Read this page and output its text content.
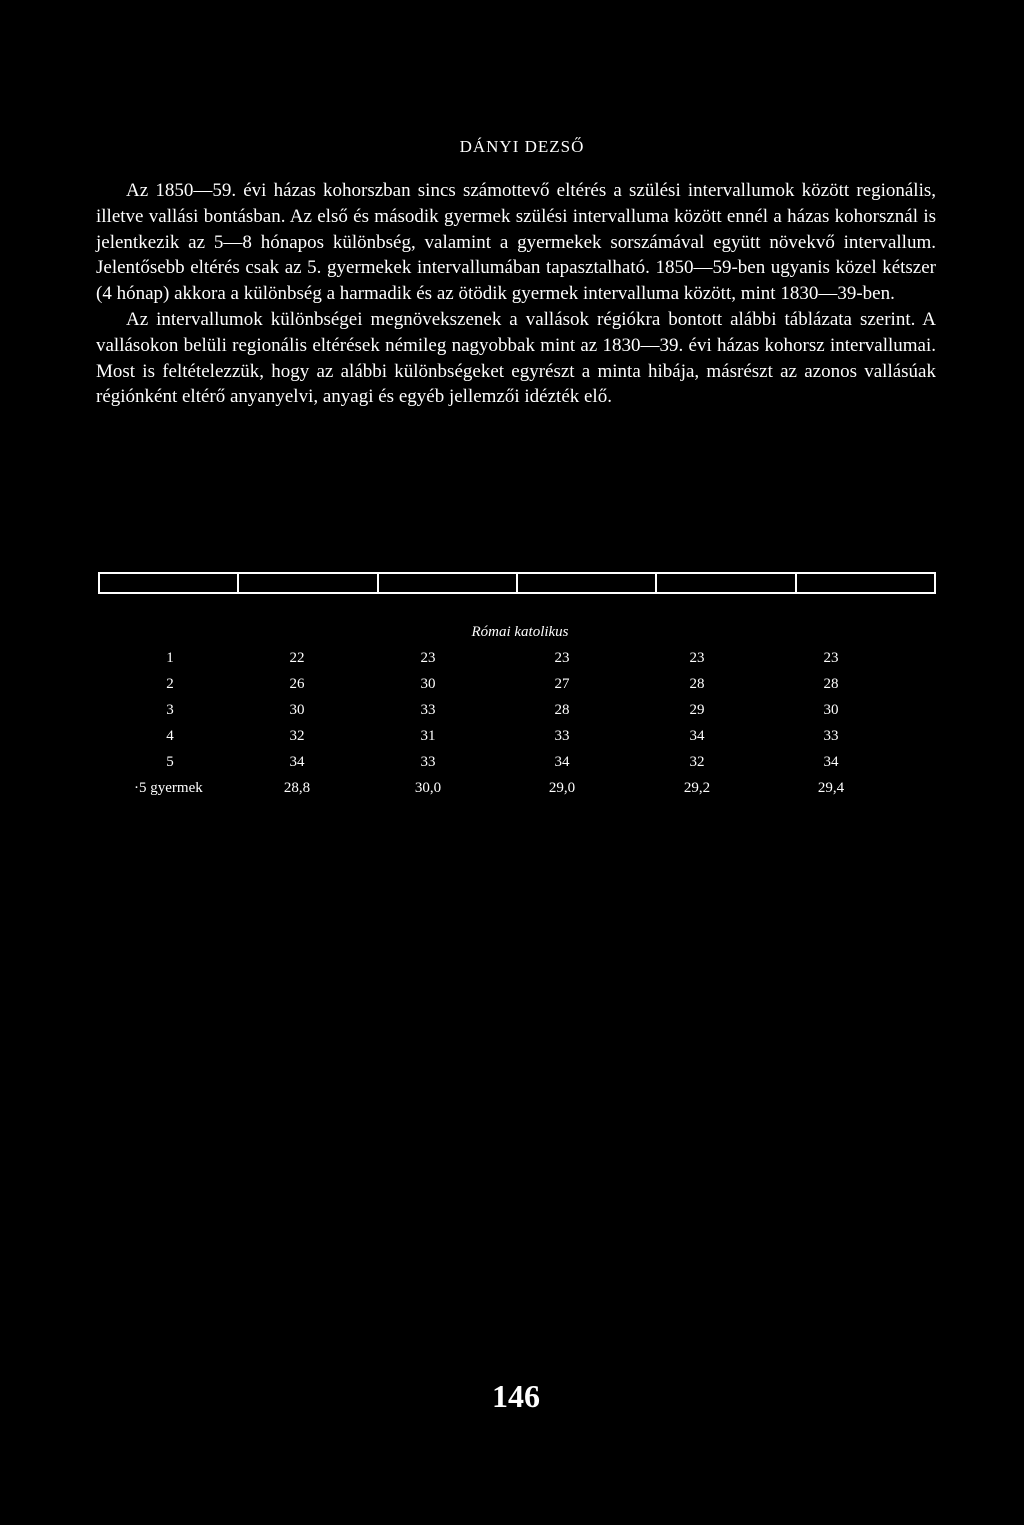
DÁNYI DEZSŐ

Az 1850—59. évi házas kohorszban sincs számottevő eltérés a szülési intervallumok között regionális, illetve vallási bontásban. Az első és második gyermek szülési intervalluma között ennél a házas kohorsznál is jelentkezik az 5—8 hónapos különbség, valamint a gyermekek sorszámával együtt növekvő intervallum. Jelentősebb eltérés csak az 5. gyermekek intervallumában tapasztalható. 1850—59-ben ugyanis közel kétszer (4 hónap) akkora a különbség a harmadik és az ötödik gyermek intervalluma között, mint 1830—39-ben.

Az intervallumok különbségei megnövekszenek a vallások régiókra bontott alábbi táblázata szerint. A vallásokon belüli regionális eltérések némileg nagyobbak mint az 1830—39. évi házas kohorsz intervallumai. Most is feltételezzük, hogy az alábbi különbségeket egyrészt a minta hibája, másrészt az azonos vallásúak régiónként eltérő anyanyelvi, anyagi és egyéb jellemzői idézték elő.

Római katolikus
1	22	23	23	23	23
2	26	30	27	28	28
3	30	33	28	29	30
4	32	31	33	34	33
5	34	33	34	32	34
·5 gyermek	28,8	30,0	29,0	29,2	29,4
146
